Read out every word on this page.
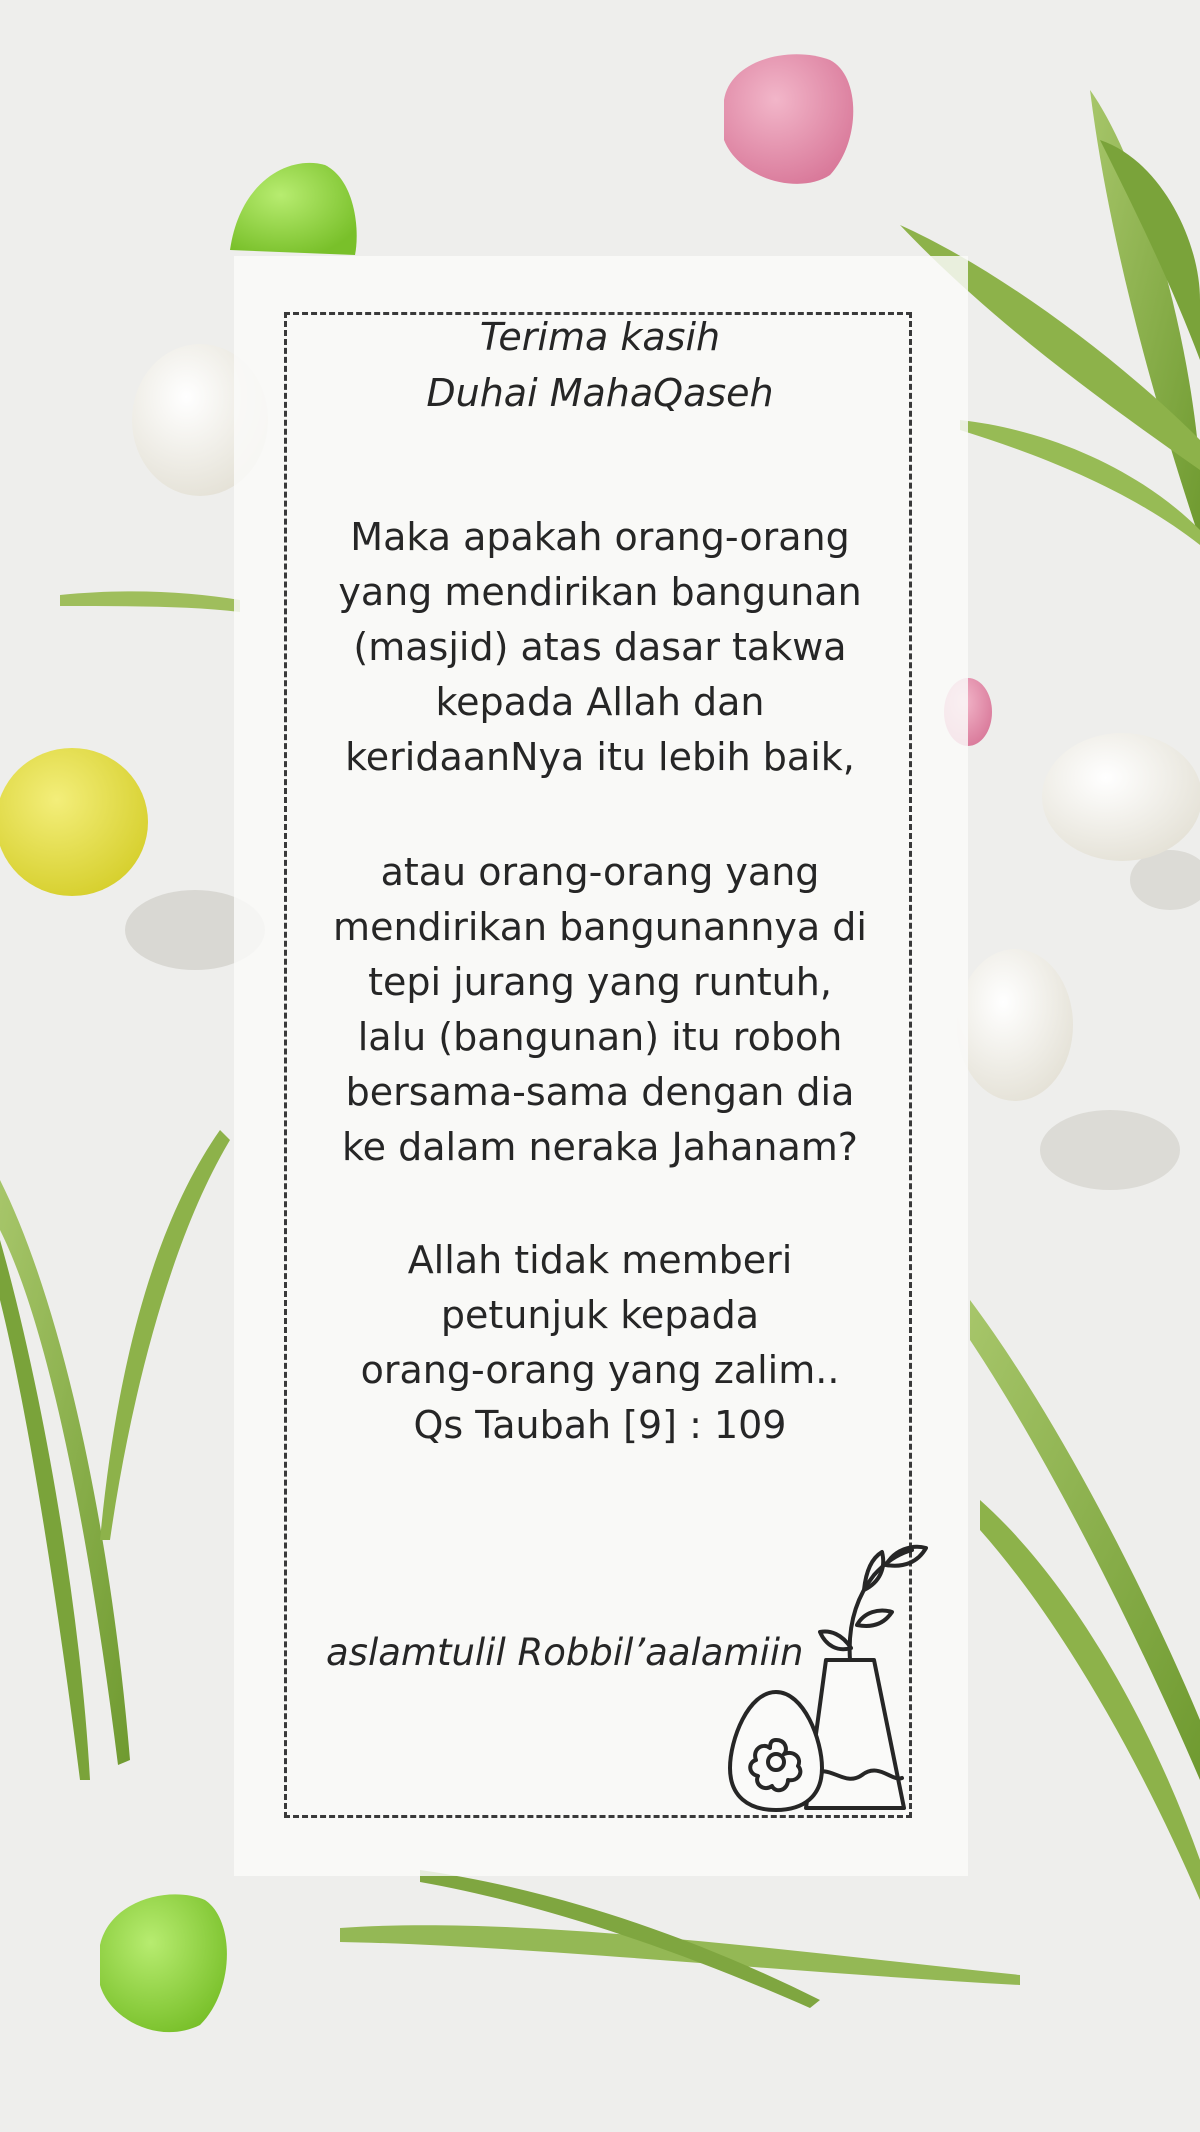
Terima kasih

Duhai MahaQaseh

Maka apakah orang-orang
yang mendirikan bangunan
(masjid) atas dasar takwa
kepada Allah dan
keridaanNya itu lebih baik,
atau orang-orang yang
mendirikan bangunannya di
tepi jurang yang runtuh,
lalu (bangunan) itu roboh
bersama-sama dengan dia
ke dalam neraka Jahanam?
Allah tidak memberi
petunjuk kepada
orang-orang yang zalim..
Qs Taubah [9] : 109

aslamtulil Robbil’aalamiin
